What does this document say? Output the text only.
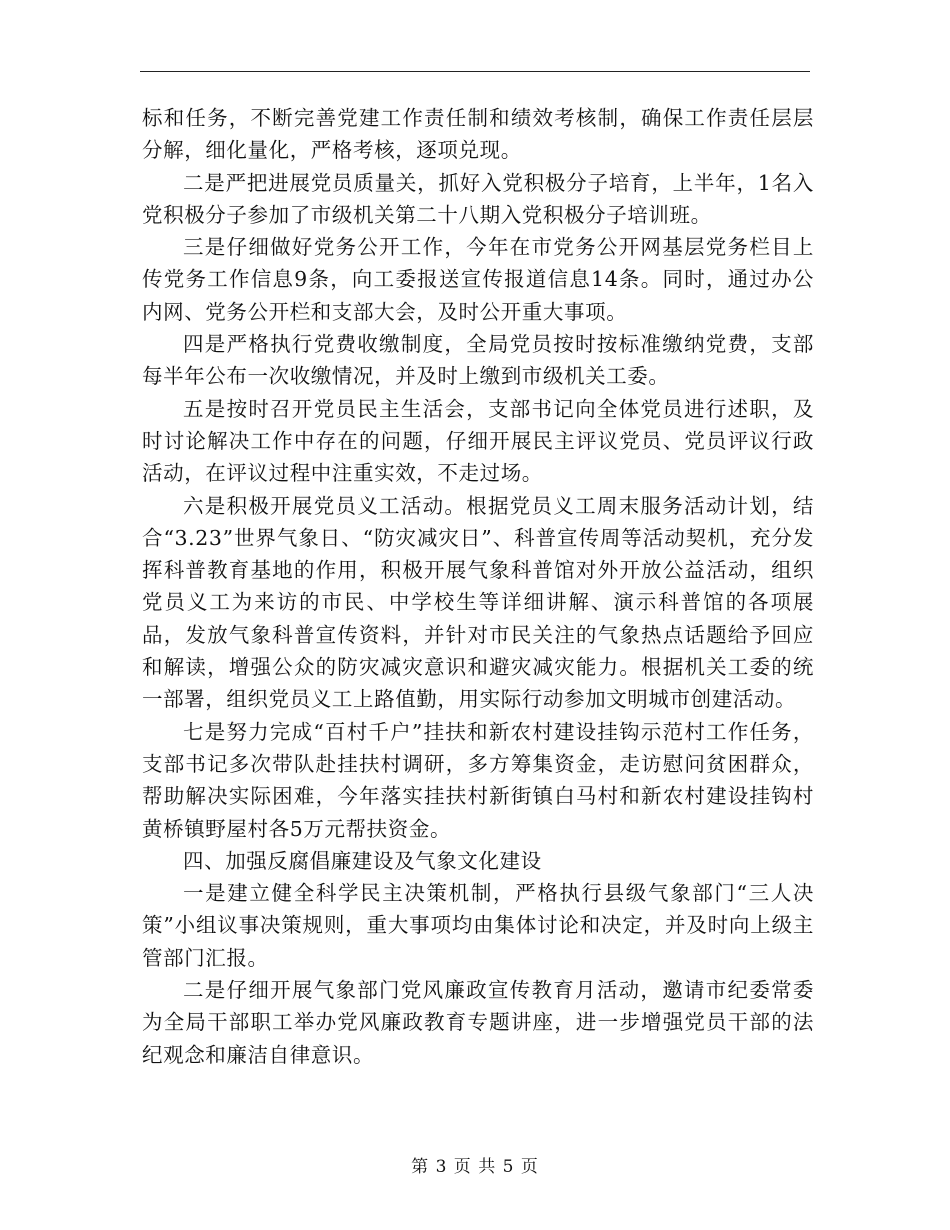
标和任务，不断完善党建工作责任制和绩效考核制，确保工作责任层层分解，细化量化，严格考核，逐项兑现。

二是严把进展党员质量关，抓好入党积极分子培育，上半年，1名入党积极分子参加了市级机关第二十八期入党积极分子培训班。

三是仔细做好党务公开工作，今年在市党务公开网基层党务栏目上传党务工作信息9条，向工委报送宣传报道信息14条。同时，通过办公内网、党务公开栏和支部大会，及时公开重大事项。

四是严格执行党费收缴制度，全局党员按时按标准缴纳党费，支部每半年公布一次收缴情况，并及时上缴到市级机关工委。

五是按时召开党员民主生活会，支部书记向全体党员进行述职，及时讨论解决工作中存在的问题，仔细开展民主评议党员、党员评议行政活动，在评议过程中注重实效，不走过场。

六是积极开展党员义工活动。根据党员义工周末服务活动计划，结合“3.23”世界气象日、“防灾减灾日”、科普宣传周等活动契机，充分发挥科普教育基地的作用，积极开展气象科普馆对外开放公益活动，组织党员义工为来访的市民、中学校生等详细讲解、演示科普馆的各项展品，发放气象科普宣传资料，并针对市民关注的气象热点话题给予回应和解读，增强公众的防灾减灾意识和避灾减灾能力。根据机关工委的统一部署，组织党员义工上路值勤，用实际行动参加文明城市创建活动。

七是努力完成“百村千户”挂扶和新农村建设挂钩示范村工作任务，支部书记多次带队赴挂扶村调研，多方筹集资金，走访慰问贫困群众，帮助解决实际困难，今年落实挂扶村新街镇白马村和新农村建设挂钩村黄桥镇野屋村各5万元帮扶资金。

四、加强反腐倡廉建设及气象文化建设

一是建立健全科学民主决策机制，严格执行县级气象部门“三人决策”小组议事决策规则，重大事项均由集体讨论和决定，并及时向上级主管部门汇报。

二是仔细开展气象部门党风廉政宣传教育月活动，邀请市纪委常委为全局干部职工举办党风廉政教育专题讲座，进一步增强党员干部的法纪观念和廉洁自律意识。

第 3 页 共 5 页
